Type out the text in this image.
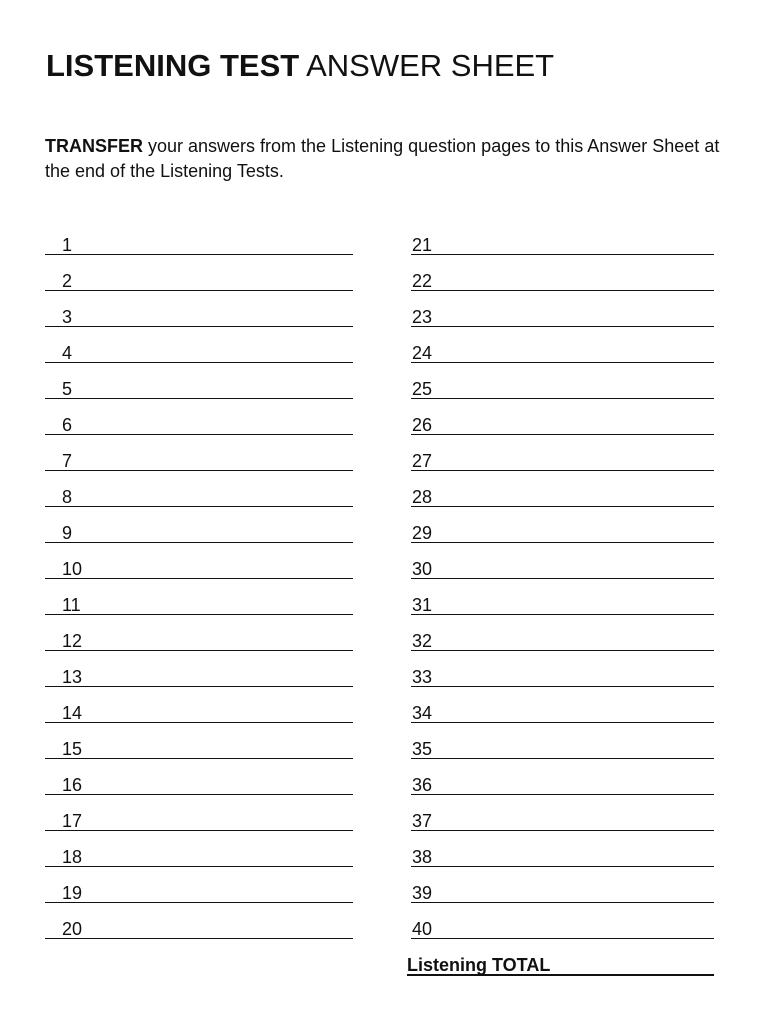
LISTENING TEST ANSWER SHEET

TRANSFER your answers from the Listening question pages to this Answer Sheet at the end of the Listening Tests.

1
2
3
4
5
6
7
8
9
10
11
12
13
14
15
16
17
18
19
20
21
22
23
24
25
26
27
28
29
30
31
32
33
34
35
36
37
38
39
40
Listening TOTAL
